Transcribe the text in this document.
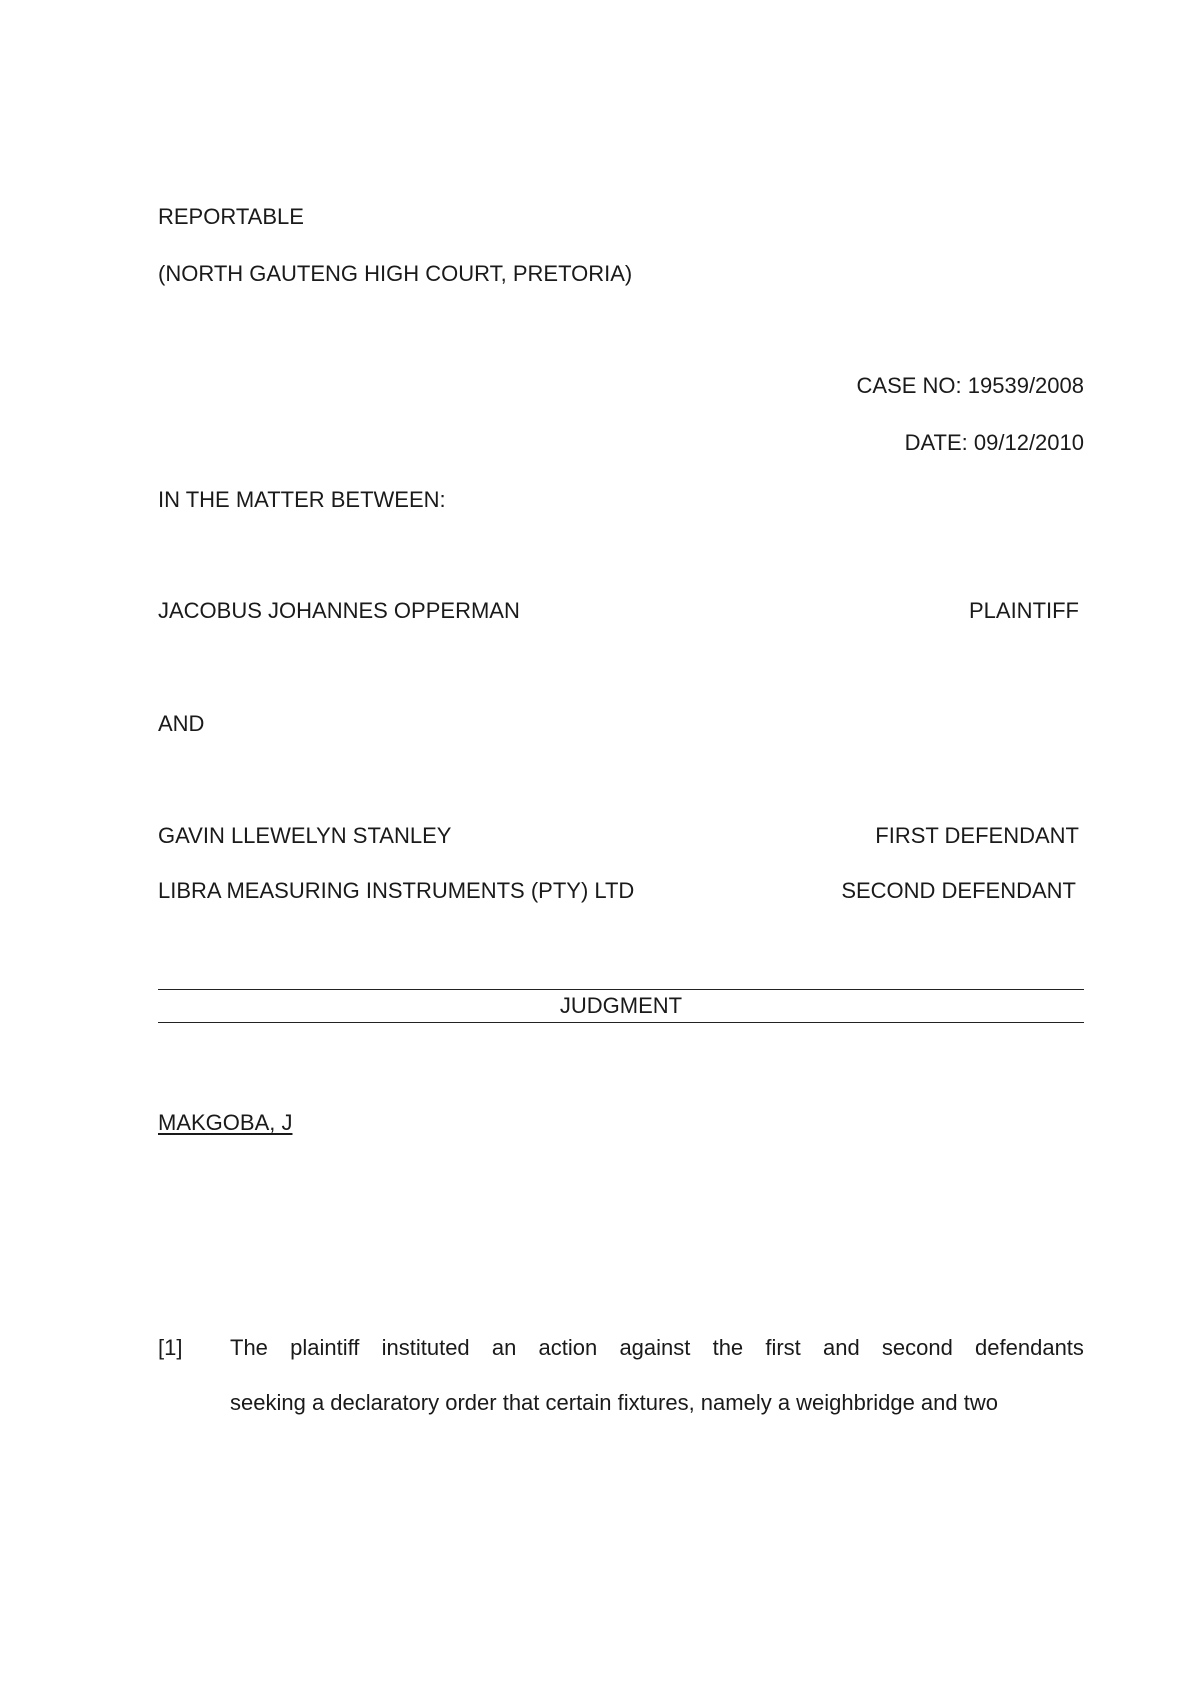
REPORTABLE
(NORTH GAUTENG HIGH COURT, PRETORIA)
CASE NO: 19539/2008
DATE: 09/12/2010
IN THE MATTER BETWEEN:
JACOBUS JOHANNES OPPERMAN	PLAINTIFF
AND
GAVIN LLEWELYN STANLEY	FIRST DEFENDANT
LIBRA MEASURING INSTRUMENTS (PTY) LTD	SECOND DEFENDANT
JUDGMENT
MAKGOBA, J
[1] The plaintiff instituted an action against the first and second defendants
seeking a declaratory order that certain fixtures, namely a weighbridge and two
